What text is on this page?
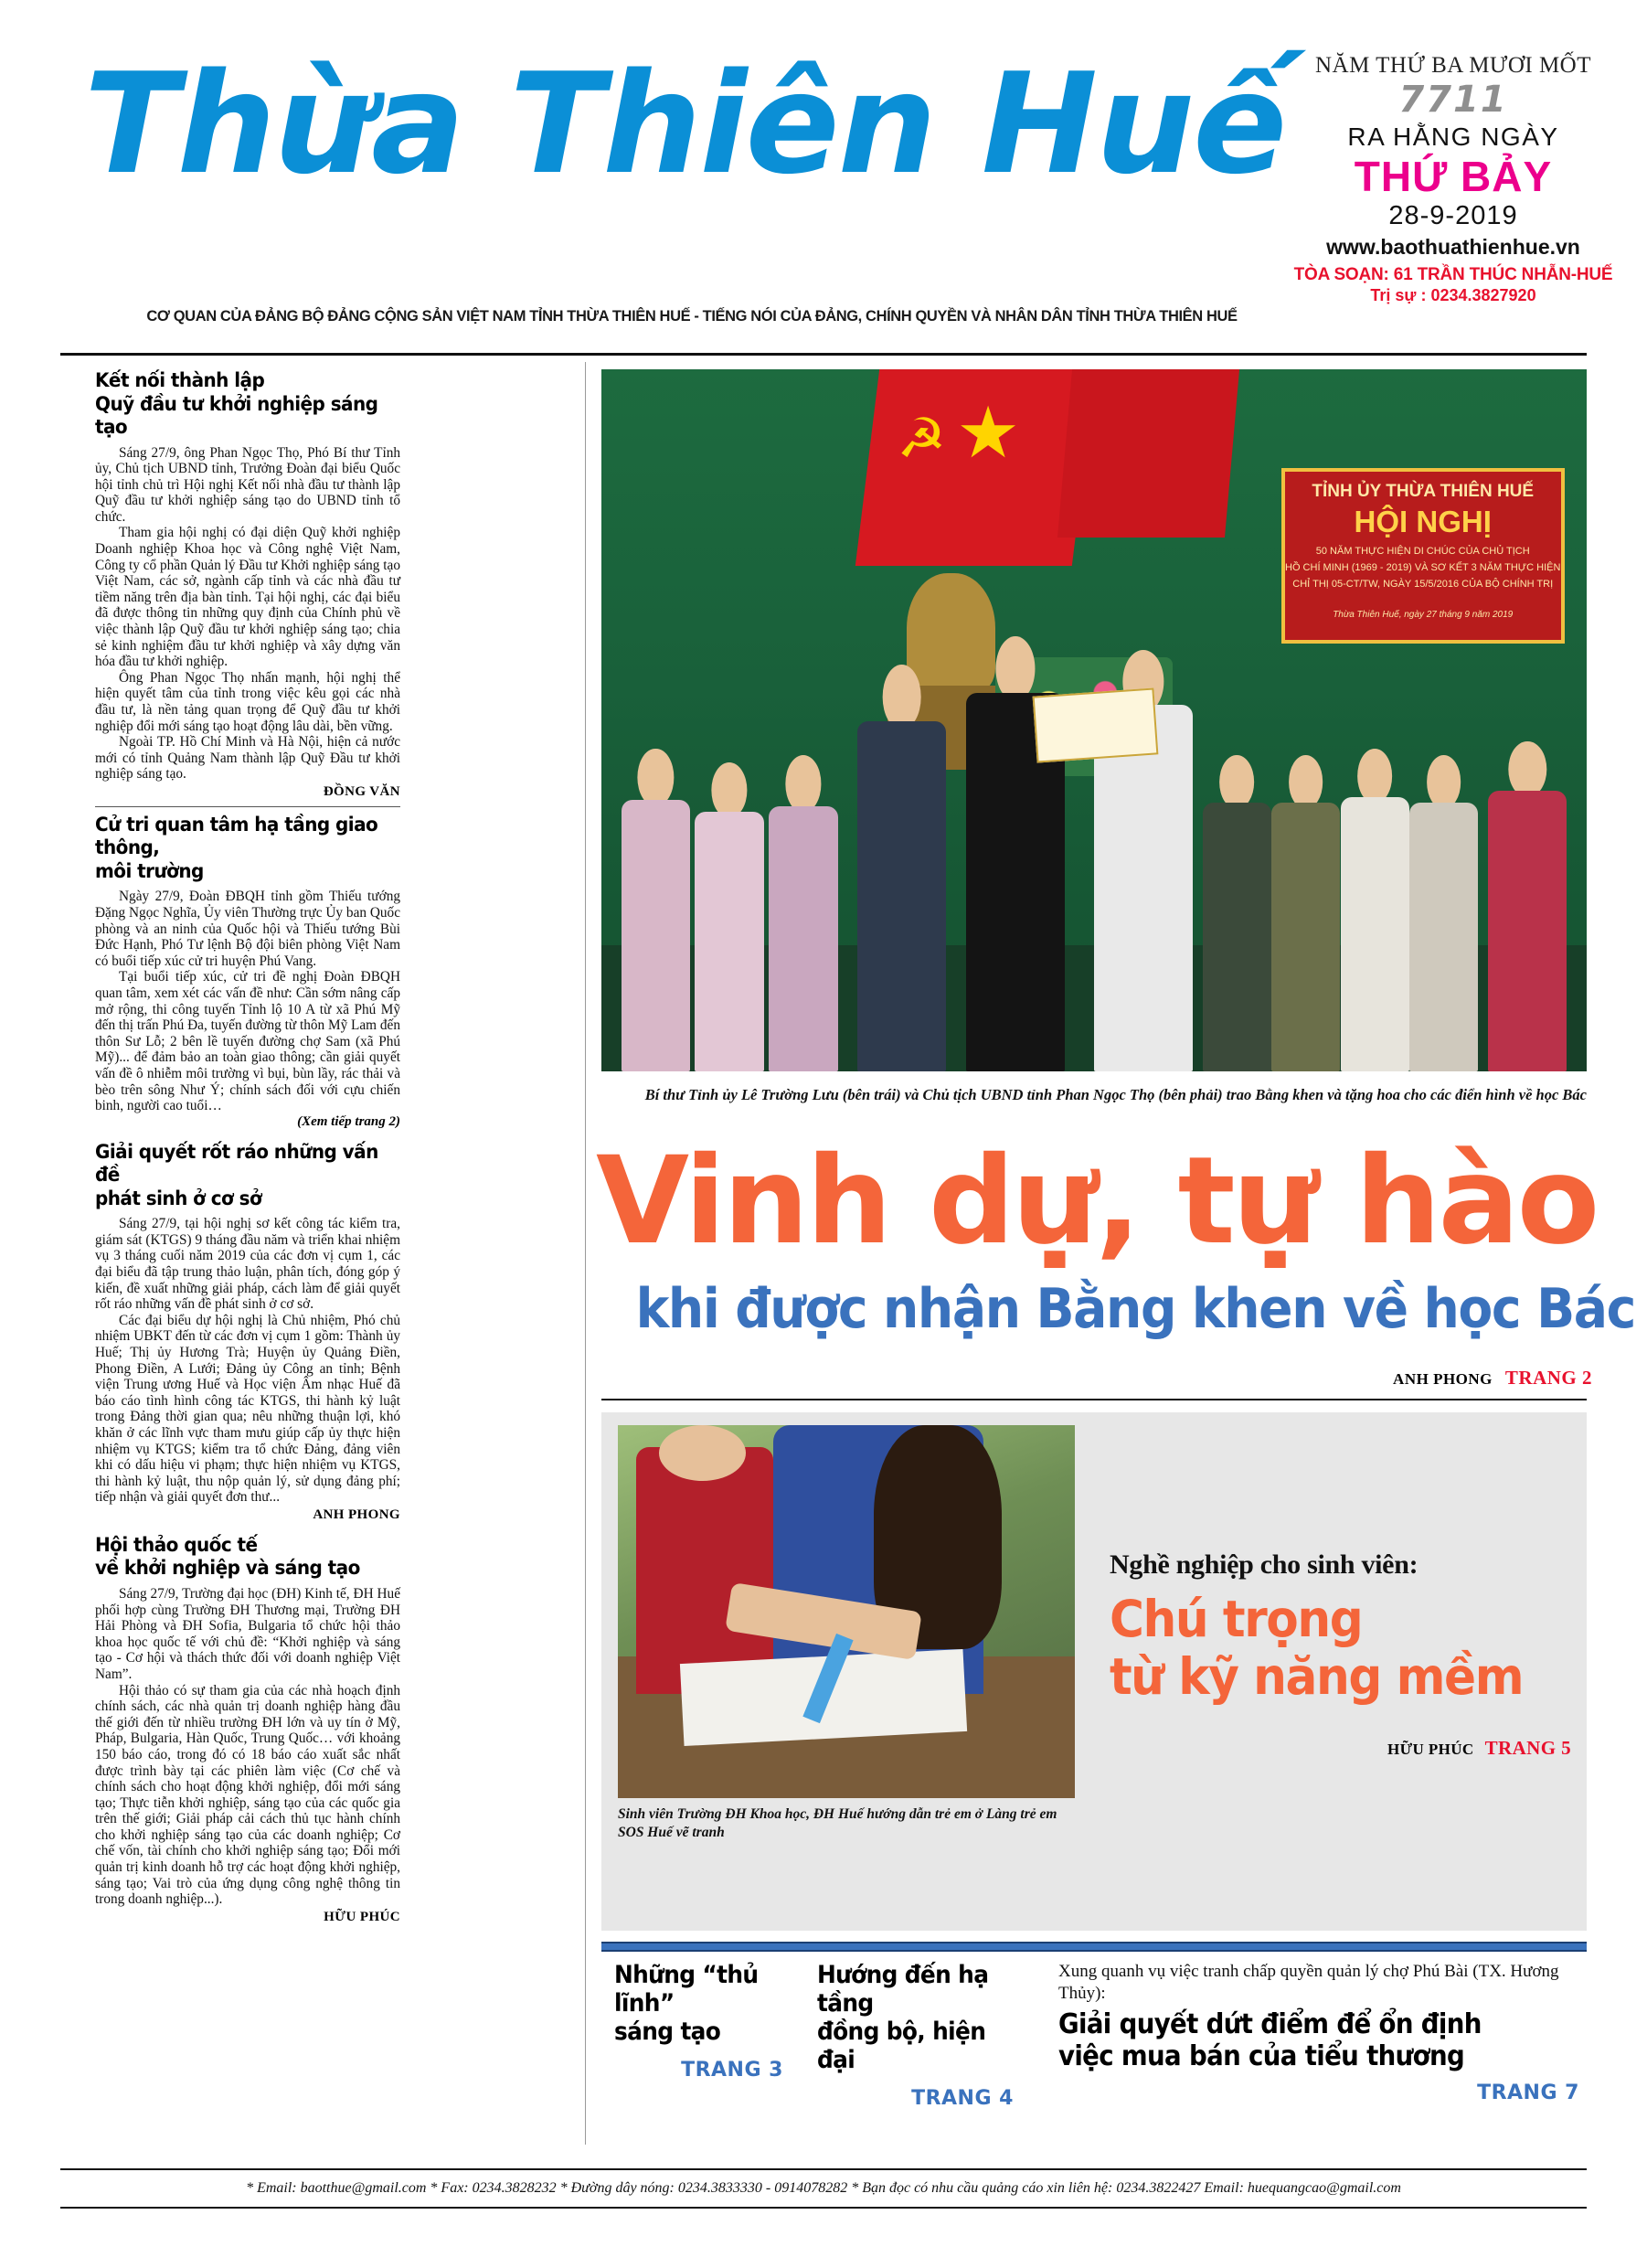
Thừa Thiên Huế	NĂM THỨ BA MƯƠI MỐT
7711
RA HẰNG NGÀY
THỨ BẢY
28-9-2019
www.baothuathienhue.vn
TÒA SOẠN: 61 TRẦN THÚC NHẪN-HUẾ
Trị sự : 0234.3827920
CƠ QUAN CỦA ĐẢNG BỘ ĐẢNG CỘNG SẢN VIỆT NAM TỈNH THỪA THIÊN HUẾ - TIẾNG NÓI CỦA ĐẢNG, CHÍNH QUYỀN VÀ NHÂN DÂN TỈNH THỪA THIÊN HUẾ
Kết nối thành lập
Quỹ đầu tư khởi nghiệp sáng tạo

Sáng 27/9, ông Phan Ngọc Thọ, Phó Bí thư Tỉnh ủy, Chủ tịch UBND tỉnh, Trưởng Đoàn đại biểu Quốc hội tỉnh chủ trì Hội nghị Kết nối nhà đầu tư thành lập Quỹ đầu tư khởi nghiệp sáng tạo do UBND tỉnh tổ chức.

Tham gia hội nghị có đại diện Quỹ khởi nghiệp Doanh nghiệp Khoa học và Công nghệ Việt Nam, Công ty cổ phần Quản lý Đầu tư Khởi nghiệp sáng tạo Việt Nam, các sở, ngành cấp tỉnh và các nhà đầu tư tiềm năng trên địa bàn tỉnh. Tại hội nghị, các đại biểu đã được thông tin những quy định của Chính phủ về việc thành lập Quỹ đầu tư khởi nghiệp sáng tạo; chia sẻ kinh nghiệm đầu tư khởi nghiệp và xây dựng văn hóa đầu tư khởi nghiệp.

Ông Phan Ngọc Thọ nhấn mạnh, hội nghị thể hiện quyết tâm của tỉnh trong việc kêu gọi các nhà đầu tư, là nền tảng quan trọng để Quỹ đầu tư khởi nghiệp đổi mới sáng tạo hoạt động lâu dài, bền vững.

Ngoài TP. Hồ Chí Minh và Hà Nội, hiện cả nước mới có tỉnh Quảng Nam thành lập Quỹ Đầu tư khởi nghiệp sáng tạo.

ĐỒNG VĂN

Cử tri quan tâm hạ tầng giao thông,
môi trường

Ngày 27/9, Đoàn ĐBQH tỉnh gồm Thiếu tướng Đặng Ngọc Nghĩa, Ủy viên Thường trực Ủy ban Quốc phòng và an ninh của Quốc hội và Thiếu tướng Bùi Đức Hạnh, Phó Tư lệnh Bộ đội biên phòng Việt Nam có buổi tiếp xúc cử tri huyện Phú Vang.

Tại buổi tiếp xúc, cử tri đề nghị Đoàn ĐBQH quan tâm, xem xét các vấn đề như: Cần sớm nâng cấp mở rộng, thi công tuyến Tỉnh lộ 10 A từ xã Phú Mỹ đến thị trấn Phú Đa, tuyến đường từ thôn Mỹ Lam đến thôn Sư Lỗ; 2 bên lề tuyến đường chợ Sam (xã Phú Mỹ)... để đảm bảo an toàn giao thông; cần giải quyết vấn đề ô nhiễm môi trường vì bụi, bùn lầy, rác thải và bèo trên sông Như Ý; chính sách đối với cựu chiến binh, người cao tuổi…

(Xem tiếp trang 2)

Giải quyết rốt ráo những vấn đề
phát sinh ở cơ sở

Sáng 27/9, tại hội nghị sơ kết công tác kiểm tra, giám sát (KTGS) 9 tháng đầu năm và triển khai nhiệm vụ 3 tháng cuối năm 2019 của các đơn vị cụm 1, các đại biểu đã tập trung thảo luận, phân tích, đóng góp ý kiến, đề xuất những giải pháp, cách làm để giải quyết rốt ráo những vấn đề phát sinh ở cơ sở.

Các đại biểu dự hội nghị là Chủ nhiệm, Phó chủ nhiệm UBKT đến từ các đơn vị cụm 1 gồm: Thành ủy Huế; Thị ủy Hương Trà; Huyện ủy Quảng Điền, Phong Điền, A Lưới; Đảng ủy Công an tỉnh; Bệnh viện Trung ương Huế và Học viện Âm nhạc Huế đã báo cáo tình hình công tác KTGS, thi hành kỷ luật trong Đảng thời gian qua; nêu những thuận lợi, khó khăn ở các lĩnh vực tham mưu giúp cấp ủy thực hiện nhiệm vụ KTGS; kiểm tra tổ chức Đảng, đảng viên khi có dấu hiệu vi phạm; thực hiện nhiệm vụ KTGS, thi hành kỷ luật, thu nộp quản lý, sử dụng đảng phí; tiếp nhận và giải quyết đơn thư...

ANH PHONG

Hội thảo quốc tế
về khởi nghiệp và sáng tạo

Sáng 27/9, Trường đại học (ĐH) Kinh tế, ĐH Huế phối hợp cùng Trường ĐH Thương mại, Trường ĐH Hải Phòng và ĐH Sofia, Bulgaria tổ chức hội thảo khoa học quốc tế với chủ đề: “Khởi nghiệp và sáng tạo - Cơ hội và thách thức đối với doanh nghiệp Việt Nam”.

Hội thảo có sự tham gia của các nhà hoạch định chính sách, các nhà quản trị doanh nghiệp hàng đầu thế giới đến từ nhiều trường ĐH lớn và uy tín ở Mỹ, Pháp, Bulgaria, Hàn Quốc, Trung Quốc… với khoảng 150 báo cáo, trong đó có 18 báo cáo xuất sắc nhất được trình bày tại các phiên làm việc (Cơ chế và chính sách cho hoạt động khởi nghiệp, đổi mới sáng tạo; Thực tiễn khởi nghiệp, sáng tạo của các quốc gia trên thế giới; Giải pháp cải cách thủ tục hành chính cho khởi nghiệp sáng tạo của các doanh nghiệp; Cơ chế vốn, tài chính cho khởi nghiệp sáng tạo; Đổi mới quản trị kinh doanh hỗ trợ các hoạt động khởi nghiệp, sáng tạo; Vai trò của ứng dụng công nghệ thông tin trong doanh nghiệp...).

HỮU PHÚC

★
☭
TỈNH ỦY THỪA THIÊN HUẾ
HỘI NGHỊ
50 NĂM THỰC HIỆN DI CHÚC CỦA CHỦ TỊCH
HỒ CHÍ MINH (1969 - 2019) VÀ SƠ KẾT 3 NĂM THỰC HIỆN
CHỈ THỊ 05-CT/TW, NGÀY 15/5/2016 CỦA BỘ CHÍNH TRỊ
Thừa Thiên Huế, ngày 27 tháng 9 năm 2019
Bí thư Tỉnh ủy Lê Trường Lưu (bên trái) và Chủ tịch UBND tỉnh Phan Ngọc Thọ (bên phải) trao Bằng khen và tặng hoa cho các điển hình về học Bác
Vinh dự, tự hào
khi được nhận Bằng khen về học Bác
ANH PHONG TRANG 2
Sinh viên Trường ĐH Khoa học, ĐH Huế hướng dẫn trẻ em ở Làng trẻ em SOS Huế vẽ tranh
Nghề nghiệp cho sinh viên:
Chú trọng
từ kỹ năng mềm
HỮU PHÚC TRANG 5
Những “thủ lĩnh”
sáng tạo
TRANG 3
Hướng đến hạ tầng
đồng bộ, hiện đại
TRANG 4
Xung quanh vụ việc tranh chấp quyền quản lý chợ Phú Bài (TX. Hương Thủy):
Giải quyết dứt điểm để ổn định
việc mua bán của tiểu thương
TRANG 7
* Email: baotthue@gmail.com * Fax: 0234.3828232 * Đường dây nóng: 0234.3833330 - 0914078282 * Bạn đọc có nhu cầu quảng cáo xin liên hệ: 0234.3822427 Email: huequangcao@gmail.com
